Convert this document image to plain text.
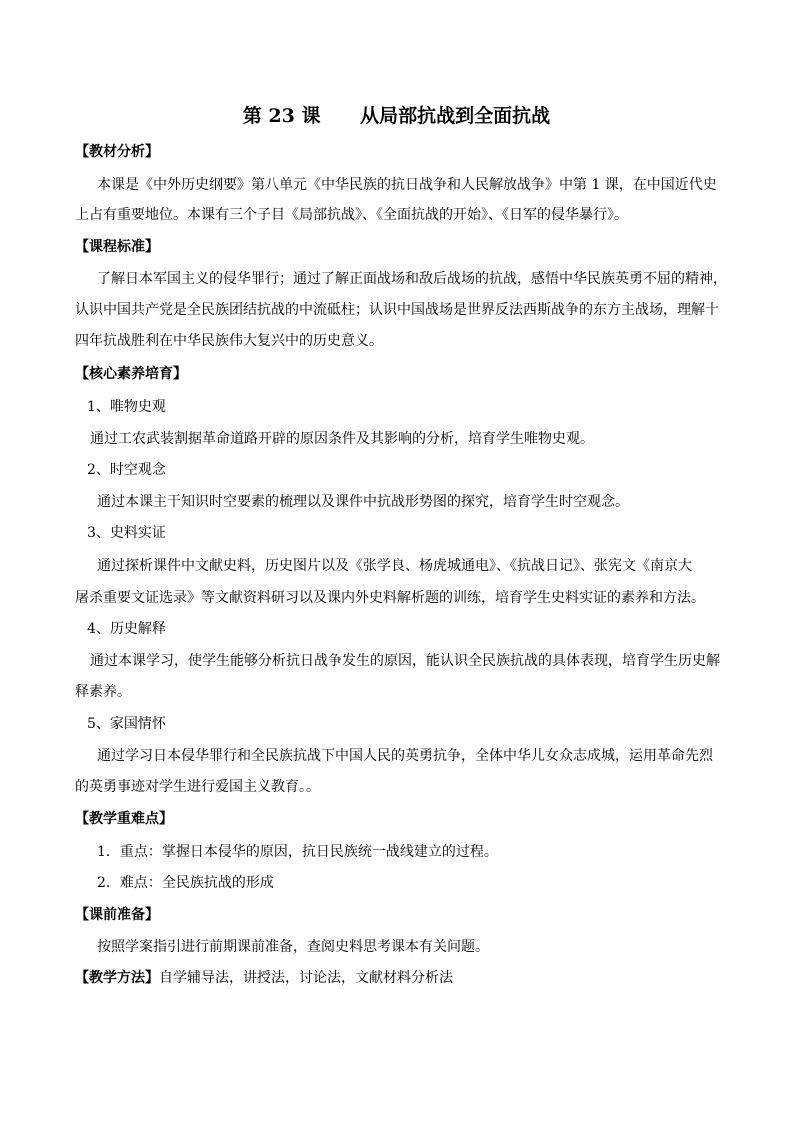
第 23 课      从局部抗战到全面抗战
【教材分析】
本课是《中外历史纲要》第八单元《中华民族的抗日战争和人民解放战争》中第 1 课，在中国近代史
上占有重要地位。本课有三个子目《局部抗战》、《全面抗战的开始》、《日军的侵华暴行》。
【课程标准】
了解日本军国主义的侵华罪行；通过了解正面战场和敌后战场的抗战，感悟中华民族英勇不屈的精神，
认识中国共产党是全民族团结抗战的中流砥柱；认识中国战场是世界反法西斯战争的东方主战场，理解十
四年抗战胜利在中华民族伟大复兴中的历史意义。
【核心素养培育】
1、唯物史观
通过工农武装割据革命道路开辟的原因条件及其影响的分析，培育学生唯物史观。
2、时空观念
通过本课主干知识时空要素的梳理以及课件中抗战形势图的探究，培育学生时空观念。
3、史料实证
通过探析课件中文献史料，历史图片以及《张学良、杨虎城通电》、《抗战日记》、张宪文《南京大
屠杀重要文证选录》等文献资料研习以及课内外史料解析题的训练，培育学生史料实证的素养和方法。
4、历史解释
通过本课学习，使学生能够分析抗日战争发生的原因，能认识全民族抗战的具体表现，培育学生历史解
释素养。
5、家国情怀
通过学习日本侵华罪行和全民族抗战下中国人民的英勇抗争，全体中华儿女众志成城，运用革命先烈
的英勇事迹对学生进行爱国主义教育。。
【教学重难点】
1．重点：掌握日本侵华的原因，抗日民族统一战线建立的过程。
2．难点：全民族抗战的形成
【课前准备】
按照学案指引进行前期课前准备，查阅史料思考课本有关问题。
【教学方法】自学辅导法，讲授法，讨论法，文献材料分析法
